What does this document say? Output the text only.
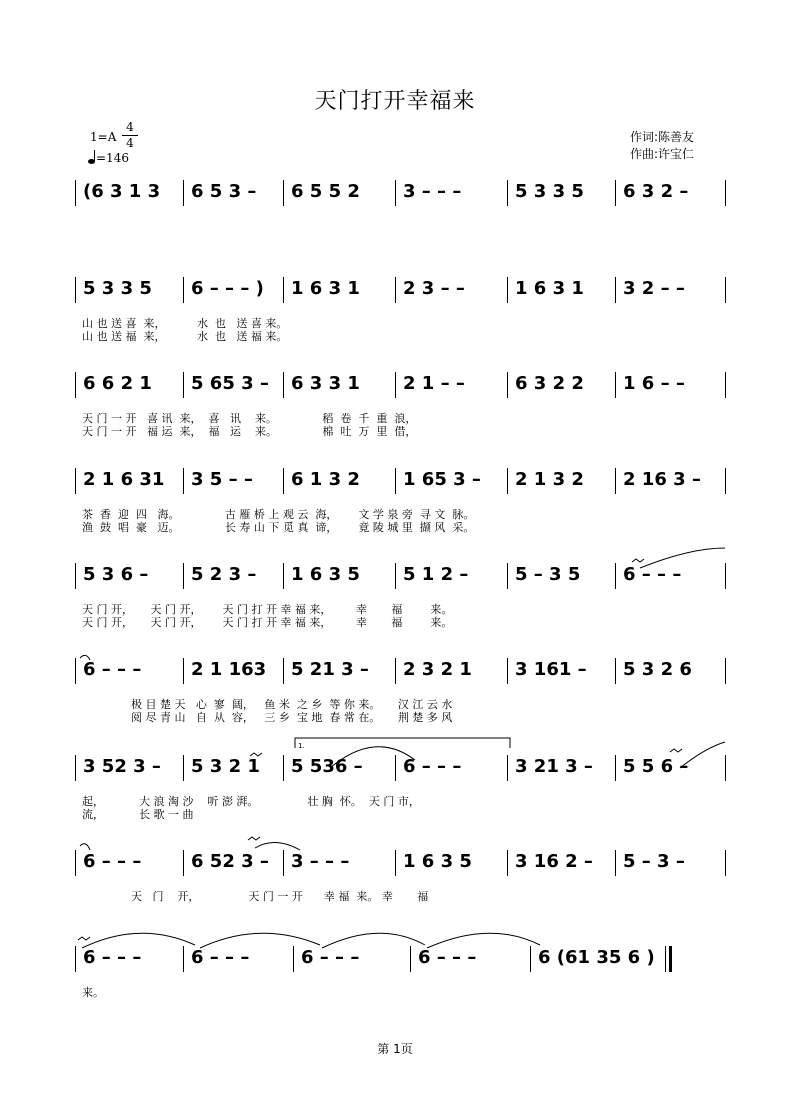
天门打开幸福来
1=A
4
4
=146
作词:陈善友
作曲:许宝仁
(6 3 1 3 6 5 3 – 6 5 5 2 3 – – –	5 3 3 5 6 3 2 –
5 3 3 5 6 – – – ) 1 6 3 1 2 3 – –	1 6 3 1 3 2 – –
山 也 送 喜  来，         水  也   送 喜 来。
山 也 送 福  来，         水  也   送 福 来。
6 6 2 1 5 65 3 – 6 3 3 1 2 1 – –	6 3 2 2 1 6 – –
天 门 一 开   喜 讯  来，  喜   讯    来。             稻  卷  千  重  浪，
天 门 一 开   福 运  来，  福   运    来。             棉  吐  万  里  借，
2 1 6 31 3 5 – – 6 1 3 2 1 65 3 – 2 1 3 2 2 16 3 –
茶  香  迎  四   海。             古 雁 桥 上 观 云  海，      文 学 泉 旁  寻 文  脉。
渔  鼓  唱  豪   迈。             长 寿 山 下 觅 真  谛，      竟 陵 城 里  撷 风  采。
5 3 6 – 5 2 3 – 1 6 3 5 5 1 2 –	5 – 3 5 6 – – –
天 门 开，     天 门 开，      天 门 打 开 幸 福 来，       幸       福        来。
天 门 开，     天 门 开，      天 门 打 开 幸 福 来，       幸       福        来。
6 – – –	2 1 163 5 21 3 – 2 3 2 1 3 161 – 5 3 2 6
极 目 楚 天   心  寥  阔，   鱼 米  之 乡  等 你 来。     汉 江 云 水
阅 尽 青 山   自  从  容，   三 乡  宝 地  春 常 在。     荆 楚 多 风
3 52 3 – 5 3 2 1 5 536 – 6 – – –	3 21 3 – 5 5 6 –
起，          大 浪 淘 沙    听 澎 湃。              壮 胸  怀。  天 门 市，
流，          长 歌 一 曲
6 – – –	6 52 3 – 3 – – –	1 6 3 5 3 16 2 – 5 – 3 –
天   门    开，              天 门 一 开      幸 福  来。 幸       福
6 – – –	6 – – –	6 – – –	6 – – –	6 (61 35 6 )
来。
1.
第 1页
